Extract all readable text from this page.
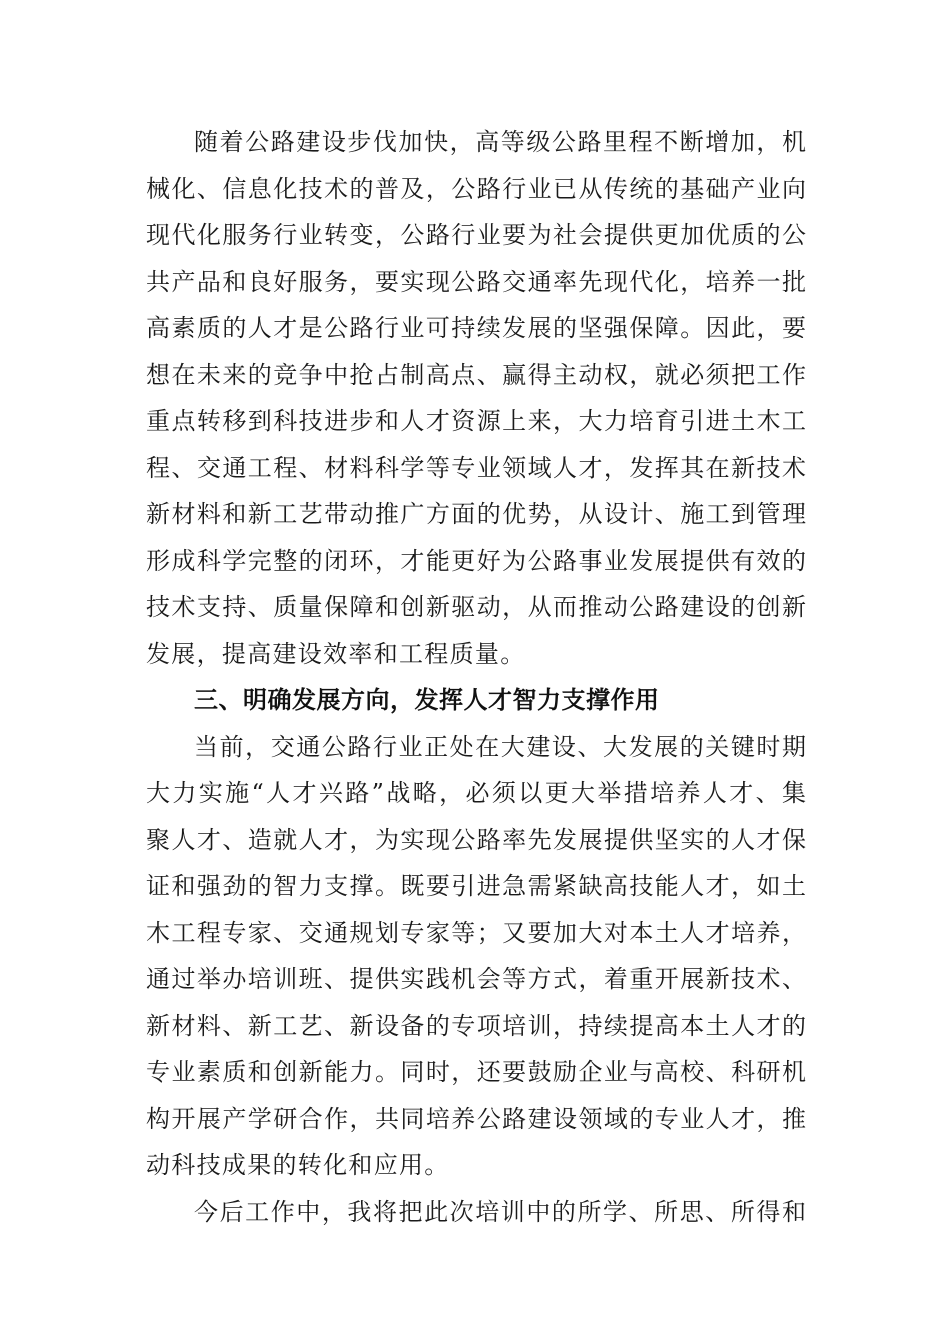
随着公路建设步伐加快，高等级公路里程不断增加，机
械化、信息化技术的普及，公路行业已从传统的基础产业向
现代化服务行业转变，公路行业要为社会提供更加优质的公
共产品和良好服务，要实现公路交通率先现代化，培养一批
高素质的人才是公路行业可持续发展的坚强保障。因此，要
想在未来的竞争中抢占制高点、赢得主动权，就必须把工作
重点转移到科技进步和人才资源上来，大力培育引进土木工
程、交通工程、材料科学等专业领域人才，发挥其在新技术
新材料和新工艺带动推广方面的优势，从设计、施工到管理
形成科学完整的闭环，才能更好为公路事业发展提供有效的
技术支持、质量保障和创新驱动，从而推动公路建设的创新
发展，提高建设效率和工程质量。
三、明确发展方向，发挥人才智力支撑作用
当前，交通公路行业正处在大建设、大发展的关键时期
大力实施“人才兴路”战略，必须以更大举措培养人才、集
聚人才、造就人才，为实现公路率先发展提供坚实的人才保
证和强劲的智力支撑。既要引进急需紧缺高技能人才，如土
木工程专家、交通规划专家等；又要加大对本土人才培养，
通过举办培训班、提供实践机会等方式，着重开展新技术、
新材料、新工艺、新设备的专项培训，持续提高本土人才的
专业素质和创新能力。同时，还要鼓励企业与高校、科研机
构开展产学研合作，共同培养公路建设领域的专业人才，推
动科技成果的转化和应用。
今后工作中，我将把此次培训中的所学、所思、所得和
